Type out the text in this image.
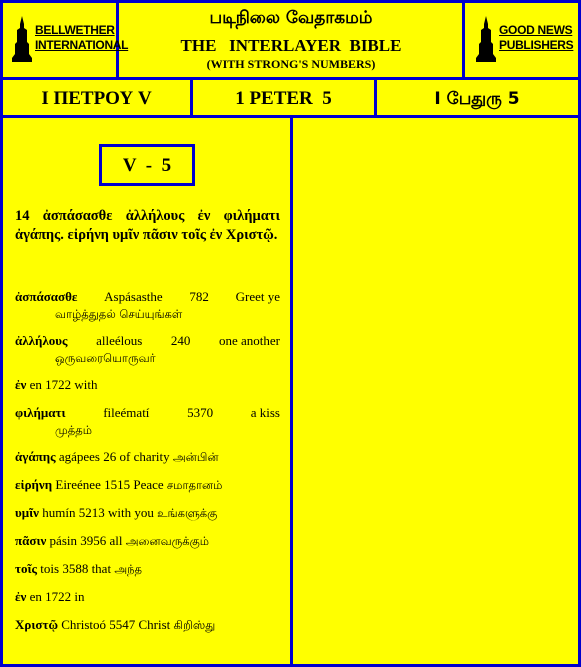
BELLWETHER
INTERNATIONAL
GOOD NEWS
PUBLISHERS
படிநிலை வேதாகமம்
THE   INTERLAYER  BIBLE
(WITH STRONG'S NUMBERS)
I ΠΕΤΡΟΥ V	1 PETER  5	I பேதுரு 5
V  -  5
14 ἀσπάσασθε ἀλλήλους ἐν φιλήματι ἀγάπης. εἰρήνη υμῖν πᾶσιν τοῖς ἐν Χριστῷ.
ἀσπάσασθε Aspásasthe 782 Greet ye
வாழ்த்துதல் செய்யுங்கள்
ἀλλήλους alleélous 240 one another
ஒருவரையொருவர்
ἐν en 1722 with
φιλήματι	fileématí	5370	a kiss
முத்தம்
ἀγάπης agápees 26 of charity அன்பின்
εἰρήνη Eireénee 1515 Peace சமாதானம்
υμῖν humín 5213 with you உங்களுக்கு
πᾶσιν pásin 3956 all அனைவருக்கும்
τοῖς tois 3588 that அந்த
ἐν en 1722 in
Χριστῷ Christoó 5547 Christ கிறிஸ்து
